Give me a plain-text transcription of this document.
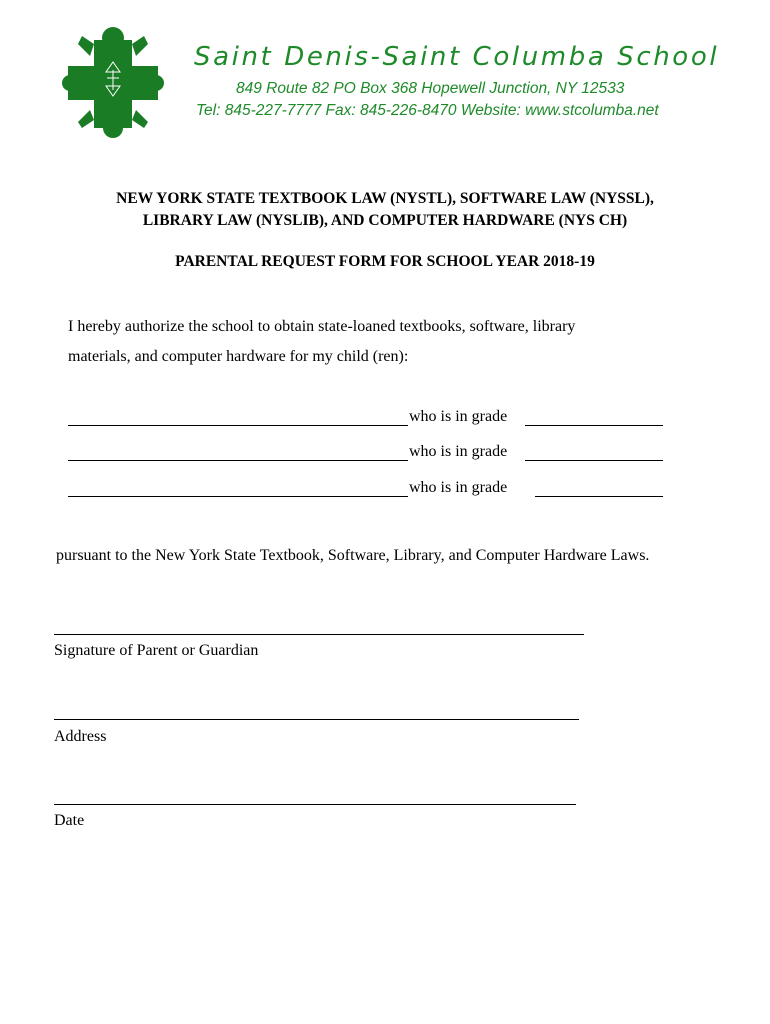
Saint Denis-Saint Columba School
849 Route 82 PO Box 368 Hopewell Junction, NY 12533
Tel: 845-227-7777 Fax: 845-226-8470 Website: www.stcolumba.net
NEW YORK STATE TEXTBOOK LAW (NYSTL), SOFTWARE LAW (NYSSL),
LIBRARY LAW (NYSLIB), AND COMPUTER HARDWARE (NYS CH)
PARENTAL REQUEST FORM FOR SCHOOL YEAR 2018-19
I hereby authorize the school to obtain state-loaned textbooks, software, library
materials, and computer hardware for my child (ren):
who is in grade
who is in grade
who is in grade
pursuant to the New York State Textbook, Software, Library, and Computer Hardware Laws.
Signature of Parent or Guardian
Address
Date
